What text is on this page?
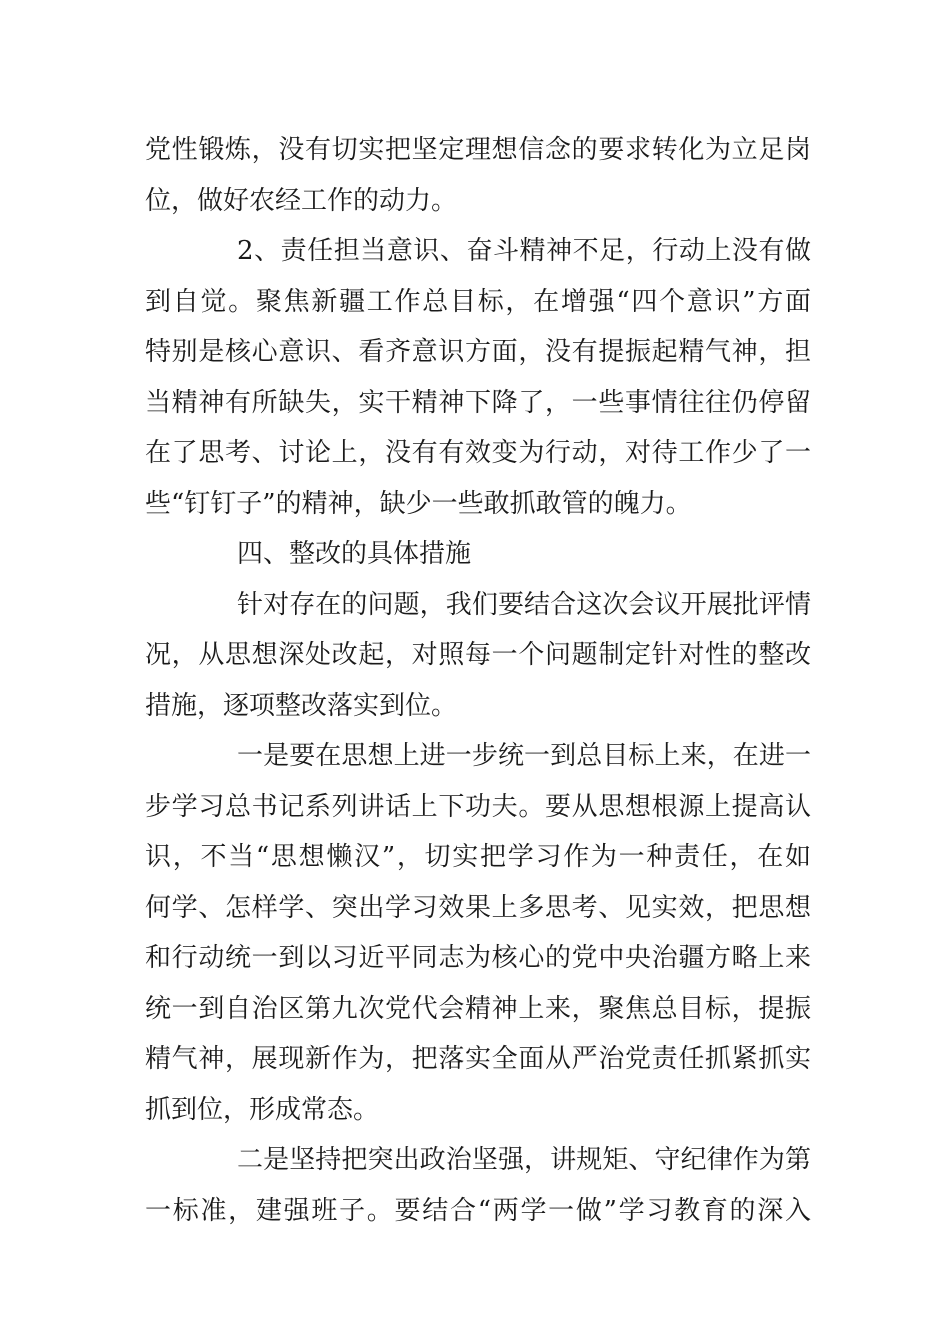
党性锻炼，没有切实把坚定理想信念的要求转化为立足岗
位，做好农经工作的动力。
2、责任担当意识、奋斗精神不足，行动上没有做
到自觉。聚焦新疆工作总目标，在增强“四个意识”方面
特别是核心意识、看齐意识方面，没有提振起精气神，担
当精神有所缺失，实干精神下降了，一些事情往往仍停留
在了思考、讨论上，没有有效变为行动，对待工作少了一
些“钉钉子”的精神，缺少一些敢抓敢管的魄力。
四、整改的具体措施
针对存在的问题，我们要结合这次会议开展批评情
况，从思想深处改起，对照每一个问题制定针对性的整改
措施，逐项整改落实到位。
一是要在思想上进一步统一到总目标上来，在进一
步学习总书记系列讲话上下功夫。要从思想根源上提高认
识，不当“思想懒汉”，切实把学习作为一种责任，在如
何学、怎样学、突出学习效果上多思考、见实效，把思想
和行动统一到以习近平同志为核心的党中央治疆方略上来
统一到自治区第九次党代会精神上来，聚焦总目标，提振
精气神，展现新作为，把落实全面从严治党责任抓紧抓实
抓到位，形成常态。
二是坚持把突出政治坚强，讲规矩、守纪律作为第
一标准，建强班子。要结合“两学一做”学习教育的深入
